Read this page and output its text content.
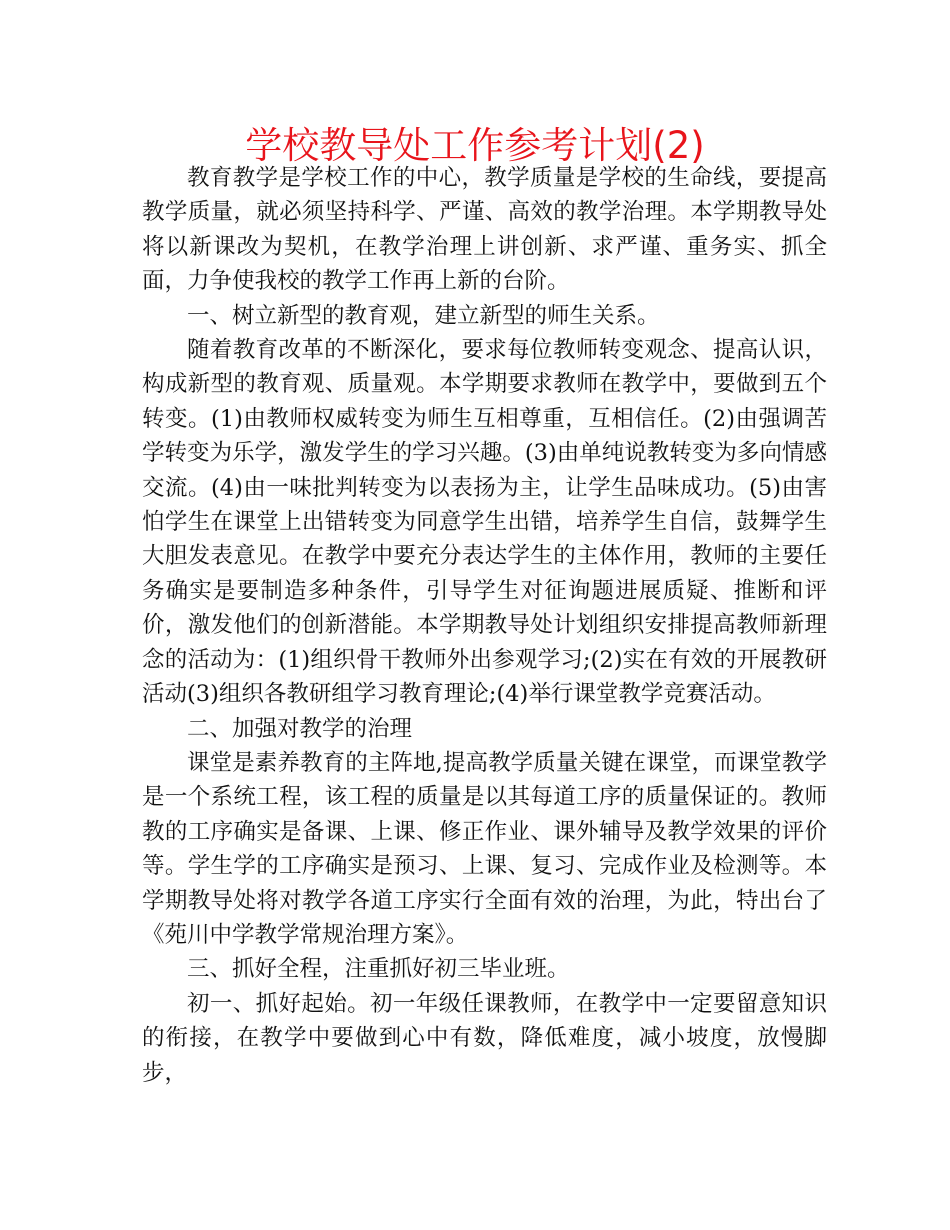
学校教导处工作参考计划(2)

教育教学是学校工作的中心，教学质量是学校的生命线，要提高教学质量，就必须坚持科学、严谨、高效的教学治理。本学期教导处将以新课改为契机，在教学治理上讲创新、求严谨、重务实、抓全面，力争使我校的教学工作再上新的台阶。

一、树立新型的教育观，建立新型的师生关系。

随着教育改革的不断深化，要求每位教师转变观念、提高认识，构成新型的教育观、质量观。本学期要求教师在教学中，要做到五个转变。(1)由教师权威转变为师生互相尊重，互相信任。(2)由强调苦学转变为乐学，激发学生的学习兴趣。(3)由单纯说教转变为多向情感交流。(4)由一味批判转变为以表扬为主，让学生品味成功。(5)由害怕学生在课堂上出错转变为同意学生出错，培养学生自信，鼓舞学生大胆发表意见。在教学中要充分表达学生的主体作用，教师的主要任务确实是要制造多种条件，引导学生对征询题进展质疑、推断和评价，激发他们的创新潜能。本学期教导处计划组织安排提高教师新理念的活动为：(1)组织骨干教师外出参观学习;(2)实在有效的开展教研活动(3)组织各教研组学习教育理论;(4)举行课堂教学竞赛活动。

二、加强对教学的治理

课堂是素养教育的主阵地,提高教学质量关键在课堂，而课堂教学是一个系统工程，该工程的质量是以其每道工序的质量保证的。教师教的工序确实是备课、上课、修正作业、课外辅导及教学效果的评价等。学生学的工序确实是预习、上课、复习、完成作业及检测等。本学期教导处将对教学各道工序实行全面有效的治理，为此，特出台了《苑川中学教学常规治理方案》。

三、抓好全程，注重抓好初三毕业班。

初一、抓好起始。初一年级任课教师，在教学中一定要留意知识的衔接，在教学中要做到心中有数，降低难度，减小坡度，放慢脚步，
